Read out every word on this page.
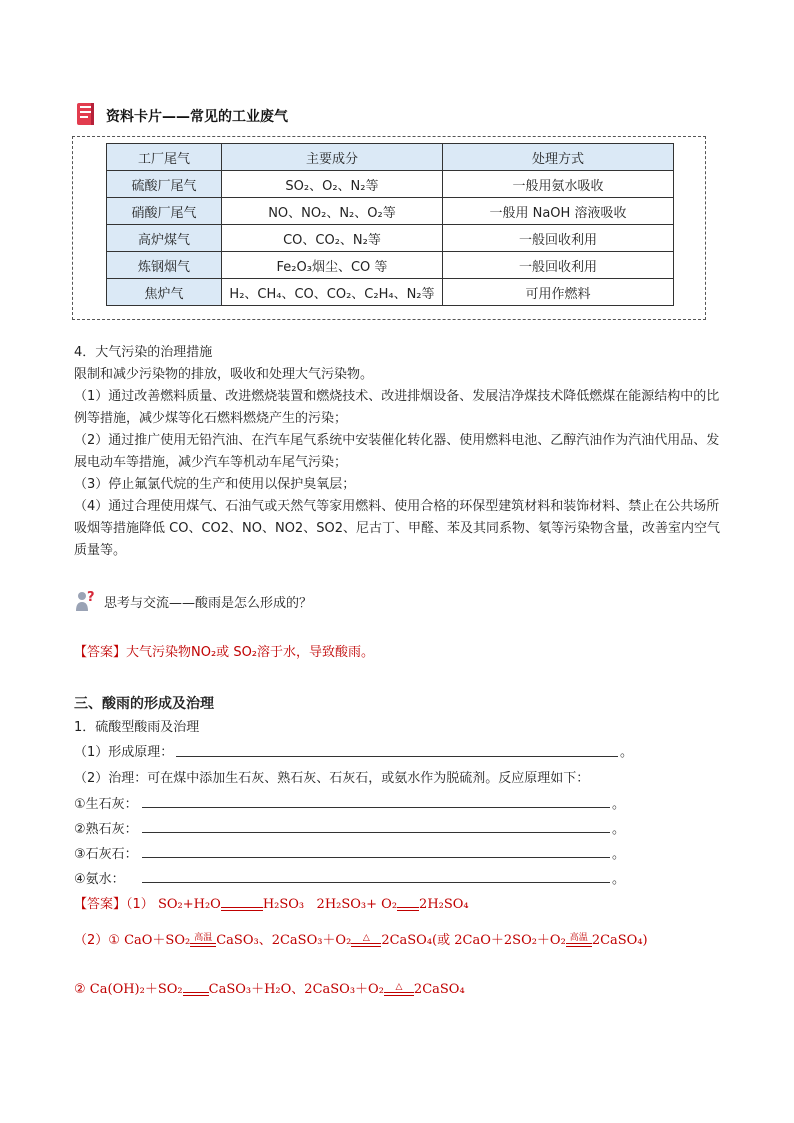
资料卡片——常见的工业废气
工厂尾气	主要成分	处理方式
硫酸厂尾气	SO₂、O₂、N₂等	一般用氨水吸收
硝酸厂尾气	NO、NO₂、N₂、O₂等	一般用 NaOH 溶液吸收
高炉煤气	CO、CO₂、N₂等	一般回收利用
炼钢烟气	Fe₂O₃烟尘、CO 等	一般回收利用
焦炉气	H₂、CH₄、CO、CO₂、C₂H₄、N₂等	可用作燃料
4．大气污染的治理措施
限制和减少污染物的排放，吸收和处理大气污染物。
（1）通过改善燃料质量、改进燃烧装置和燃烧技术、改进排烟设备、发展洁净煤技术降低燃煤在能源结构中的比例等措施，减少煤等化石燃料燃烧产生的污染；
（2）通过推广使用无铅汽油、在汽车尾气系统中安装催化转化器、使用燃料电池、乙醇汽油作为汽油代用品、发展电动车等措施，减少汽车等机动车尾气污染；
（3）停止氟氯代烷的生产和使用以保护臭氧层；
（4）通过合理使用煤气、石油气或天然气等家用燃料、使用合格的环保型建筑材料和装饰材料、禁止在公共场所吸烟等措施降低 CO、CO2、NO、NO2、SO2、尼古丁、甲醛、苯及其同系物、氡等污染物含量，改善室内空气质量等。
? 思考与交流——酸雨是怎么形成的？
【答案】大气污染物NO₂或 SO₂溶于水，导致酸雨。
三、酸雨的形成及治理
1．硫酸型酸雨及治理
（1）形成原理：	。
（2）治理：可在煤中添加生石灰、熟石灰、石灰石，或氨水作为脱硫剂。反应原理如下：
①生石灰：	。
②熟石灰：	。
③石灰石：	。
④氨水：	。
【答案】（1） SO₂+H₂O
	H₂SO₃ 2H₂SO₃+ O₂
2H₂SO₄
（2）① CaO＋SO₂ 高温 CaSO₃、2CaSO₃＋O₂	△ 2CaSO₄(或 2CaO＋2SO₂＋O₂ 高温 2CaSO₄)
② Ca(OH)₂＋SO₂
CaSO₃＋H₂O、2CaSO₃＋O₂	△ 2CaSO₄
